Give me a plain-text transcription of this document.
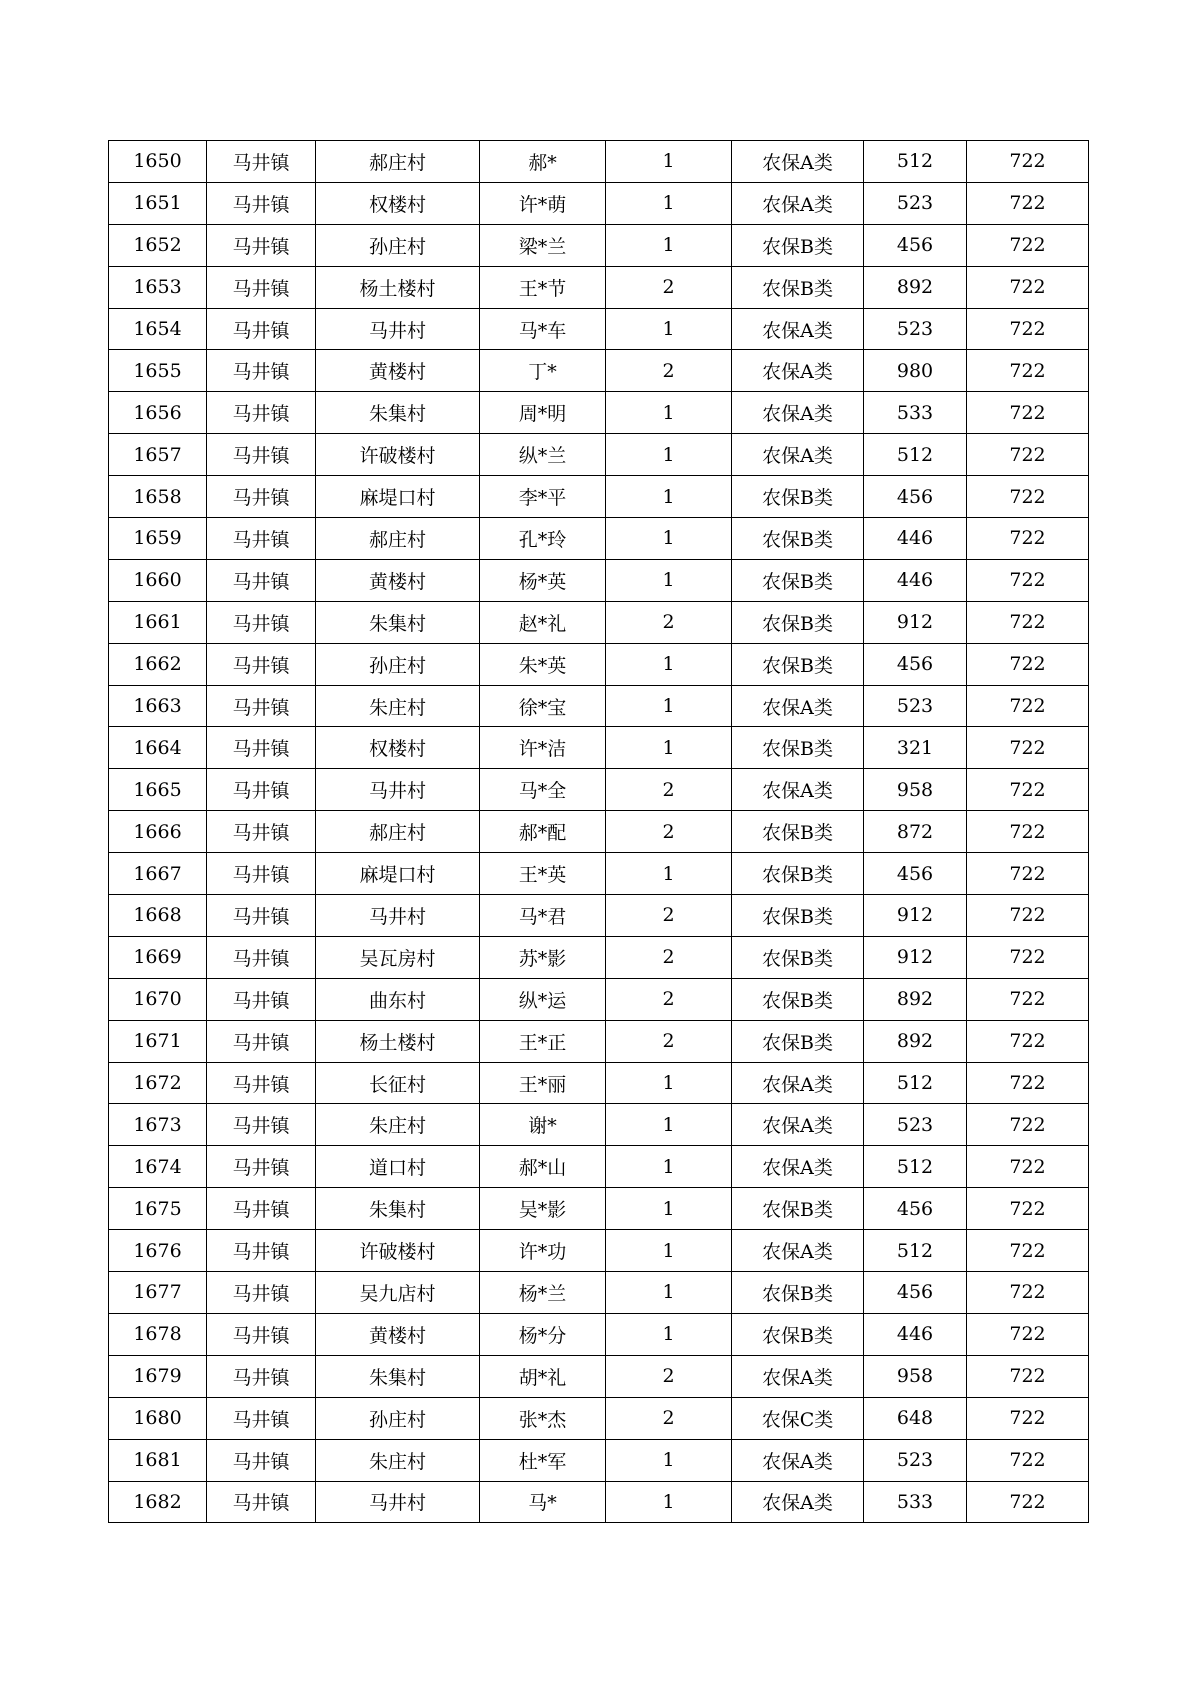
1650	马井镇	郝庄村	郝*	1	农保A类	512	722
1651	马井镇	权楼村	许*萌	1	农保A类	523	722
1652	马井镇	孙庄村	梁*兰	1	农保B类	456	722
1653	马井镇	杨土楼村	王*节	2	农保B类	892	722
1654	马井镇	马井村	马*车	1	农保A类	523	722
1655	马井镇	黄楼村	丁*	2	农保A类	980	722
1656	马井镇	朱集村	周*明	1	农保A类	533	722
1657	马井镇	许破楼村	纵*兰	1	农保A类	512	722
1658	马井镇	麻堤口村	李*平	1	农保B类	456	722
1659	马井镇	郝庄村	孔*玲	1	农保B类	446	722
1660	马井镇	黄楼村	杨*英	1	农保B类	446	722
1661	马井镇	朱集村	赵*礼	2	农保B类	912	722
1662	马井镇	孙庄村	朱*英	1	农保B类	456	722
1663	马井镇	朱庄村	徐*宝	1	农保A类	523	722
1664	马井镇	权楼村	许*洁	1	农保B类	321	722
1665	马井镇	马井村	马*全	2	农保A类	958	722
1666	马井镇	郝庄村	郝*配	2	农保B类	872	722
1667	马井镇	麻堤口村	王*英	1	农保B类	456	722
1668	马井镇	马井村	马*君	2	农保B类	912	722
1669	马井镇	吴瓦房村	苏*影	2	农保B类	912	722
1670	马井镇	曲东村	纵*运	2	农保B类	892	722
1671	马井镇	杨土楼村	王*正	2	农保B类	892	722
1672	马井镇	长征村	王*丽	1	农保A类	512	722
1673	马井镇	朱庄村	谢*	1	农保A类	523	722
1674	马井镇	道口村	郝*山	1	农保A类	512	722
1675	马井镇	朱集村	吴*影	1	农保B类	456	722
1676	马井镇	许破楼村	许*功	1	农保A类	512	722
1677	马井镇	吴九店村	杨*兰	1	农保B类	456	722
1678	马井镇	黄楼村	杨*分	1	农保B类	446	722
1679	马井镇	朱集村	胡*礼	2	农保A类	958	722
1680	马井镇	孙庄村	张*杰	2	农保C类	648	722
1681	马井镇	朱庄村	杜*军	1	农保A类	523	722
1682	马井镇	马井村	马*	1	农保A类	533	722
